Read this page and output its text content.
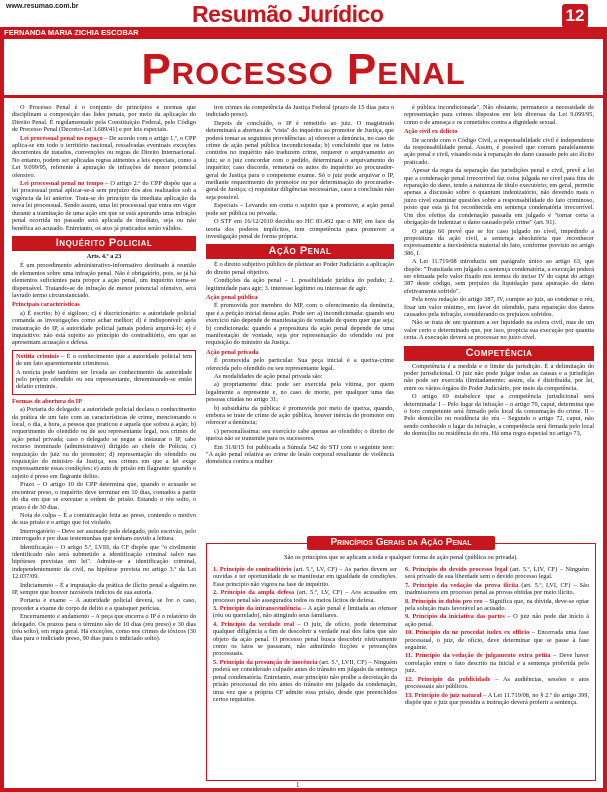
www.resumao.com.br	Resumão Jurídico	12
FERNANDA MARIA ZICHIA ESCOBAR
Processo Penal

O Processo Penal é o conjunto de princípios e normas que disciplinam a composição das lides penais, por meio da aplicação do Direito Penal. É regulamentado pela Constituição Federal, pelo Código de Processo Penal (Decreto-Lei 3.689/41) e por leis especiais.

Lei processual penal no espaço – De acordo com o artigo 1.º, o CPP aplica-se em todo o território nacional, ressalvadas eventuais exceções decorrentes de tratados, convenções ou regras de Direito Internacional. No entanto, podem ser aplicadas regras atinentes a leis especiais, como a Lei 9.099/95, referente à apuração de infrações de menor potencial ofensivo.

Lei processual penal no tempo – O artigo 2.º do CPP dispõe que a lei processual penal aplicar-se-á sem prejuízo dos atos realizados sob a vigência da lei anterior. Trata-se do princípio da imediata aplicação da nova lei processual. Sendo assim, uma lei processual que entra em vigor durante a tramitação de uma ação em que se está apurando uma infração penal ocorrida no passado será aplicada de imediato, seja ou não benéfica ao acusado. Entretanto, os atos já praticados serão válidos.

Inquérito Policial
Arts. 4.º a 23

É um procedimento administrativo-informativo destinado à reunião de elementos sobre uma infração penal. Não é obrigatório, pois, se já há elementos suficientes para propor a ação penal, um inquérito torna-se dispensável. Tratando-se de infração de menor potencial ofensivo, será lavrado termo circunstanciado.

Principais características

a) É escrito; b) é sigiloso; c) é discricionário: a autoridade policial comanda as investigações como achar melhor; d) é indisponível: após instauração do IP, a autoridade policial jamais poderá arquivá-lo; e) é inquisitivo: não está sujeito ao princípio do contraditório, em que se apresentam acusação e defesa.

Notitia criminis – É o conhecimento que a autoridade policial tem de um fato aparentemente criminoso.

A notícia pode também ser levada ao conhecimento da autoridade pelo próprio ofendido ou seu representante, denominando-se então delatio criminis.

Formas de abertura do IP

a) Portaria do delegado: a autoridade policial declara o conhecimento da prática de um fato com as características de crime, mencionando o local, o dia, a hora, a pessoa que praticou e aquela que sofreu a ação; b) requerimento do ofendido ou de seu representante legal, nos crimes de ação penal privada; caso o delegado se negue a instaurar o IP, cabe recurso inominado (administrativo) dirigido ao chefe de Polícia; c) requisição do juiz ou do promotor; d) representação do ofendido ou requisição do ministro da Justiça, nos crimes em que a lei exige expressamente essas condições; e) auto de prisão em flagrante: quando o sujeito é preso em flagrante delito.

Prazo – O artigo 10 do CPP determina que, quando o acusado se encontrar preso, o inquérito deve terminar em 10 dias, contados a partir do dia em que se executar a ordem de prisão. Estando o réu solto, o prazo é de 30 dias.

Nota de culpa – É a comunicação feita ao preso, contendo o motivo de sua prisão e o artigo que foi violado.

Interrogatório – Deve ser assinado pelo delegado, pelo escrivão, pelo interrogado e por duas testemunhas que tenham ouvido a leitura.

Identificação – O artigo 5.º, LVIII, da CF dispõe que "o civilmente identificado não será submetido a identificação criminal salvo nas hipóteses previstas em lei". Admite-se a identificação criminal, independentemente da civil, na hipótese prevista no artigo 3.º da Lei 12.037/09.

Indiciamento – É a imputação da prática de ilícito penal a alguém no IP, sempre que houver razoáveis indícios de sua autoria.

Portaria e exame – A autoridade policial deverá, se for o caso, proceder a exame de corpo de delito e a quaisquer perícias.

Encerramento e andamento – A peça que encerra o IP é o relatório do delegado. Os prazos para o término são de 10 dias (réu preso) e 30 dias (réu solto), em regra geral. Há exceções, como nos crimes de tóxicos (30 dias para o indiciado preso, 90 dias para o indiciado solto).

tros crimes da competência da Justiça Federal (prazo de 15 dias para o indiciado preso).

Depois de concluído, o IP é remetido ao juiz. O magistrado determinará a abertura de "vista" do inquérito ao promotor de Justiça, que poderá tomar as seguintes providências: a) oferecer a denúncia, no caso de crime de ação penal pública incondicionada; b) concluindo que os fatos contidos no inquérito não traduzem crime, requerer o arquivamento ao juiz; se o juiz concordar com o pedido, determinará o arquivamento do inquérito; caso discorde, remeterá os autos do inquérito ao procurador-geral de Justiça para o competente exame. Só o juiz pode arquivar o IP, mediante requerimento do promotor ou por determinação do procurador-geral de Justiça; c) requisitar diligências necessárias, caso a conclusão não seja possível.

Especiais – Levando em conta o sujeito que a promove, a ação penal pode ser pública ou privada.

O STF em 16/12/2010 decidiu no HC 83.492 que o MP, em face da teoria dos poderes implícitos, tem competência para promover a investigação penal de forma própria.

Ação Penal

É o direito subjetivo público de pleitear ao Poder Judiciário a aplicação do direito penal objetivo.

Condições da ação penal – 1. possibilidade jurídica do pedido; 2. legitimidade para agir; 3. interesse legítimo ou interesse de agir.

Ação penal pública

É promovida por membro do MP, com o oferecimento da denúncia, que é a petição inicial dessa ação. Pode ser: a) incondicionada: quando seu exercício não depende de manifestação de vontade de quem quer que seja; b) condicionada: quando a propositura da ação penal depende de uma manifestação de vontade, seja por representação do ofendido ou por requisição do ministro da Justiça.

Ação penal privada

É promovida pelo particular. Sua peça inicial é a queixa-crime oferecida pelo ofendido ou seu representante legal.

As modalidades de ação penal privada são:

a) propriamente dita: pode ser exercida pela vítima, por quem legalmente a represente e, no caso de morte, por qualquer uma das pessoas citadas no artigo 31;

b) subsidiária da pública: é promovida por meio de queixa, quando, embora se trate de crime de ação pública, houver inércia do promotor em oferecer a denúncia;

c) personalíssima: seu exercício cabe apenas ao ofendido; o direito de queixa não se transmite para os sucessores.

Em 31/8/15 foi publicada a Súmula 542 do STJ com o seguinte teor: "A ação penal relativa ao crime de lesão corporal resultante de violência doméstica contra a mulher

é pública incondicionada". Não obstante, permanece a necessidade de representação para crimes dispostos em leis diversas da Lei 9.099/95, como o de ameaça e os cometidos contra a dignidade sexual.

Ação civil ex delicto

De acordo com o Código Civil, a responsabilidade civil é independente da responsabilidade penal. Assim, é possível que corram paralelamente ação penal e civil, visando esta à reparação do dano causado pelo ato ilícito praticado.

Apesar da regra da separação das jurisdições penal e civil, prevê a lei que a condenação penal irrecorrível faz coisa julgada no cível para fins de reparação do dano, tendo a natureza de título executório; em geral, permite apenas a discussão sobre o quantum indenizatório, não devendo mais o juízo cível examinar questões sobre a responsabilidade do fato criminoso, posto que esta já foi reconhecida em sentença condenatória irrecorrível. Um dos efeitos da condenação passada em julgado é "tornar certa a obrigação de indenizar o dano causado pelo crime" (art. 91).

O artigo 66 prevê que se for caso julgado no cível, impedindo a propositura da ação civil, a sentença absolutória que reconhecer expressamente a inexistência material do fato, conforme previsto no artigo 386, I.

A Lei 11.719/08 introduziu um parágrafo único ao artigo 63, que dispõe: "Transitada em julgado a sentença condenatória, a execução poderá ser efetuada pelo valor fixado nos termos do inciso IV do caput do artigo 387 deste código, sem prejuízo da liquidação para apuração do dano efetivamente sofrido".

Pela nova redação do artigo 387, IV, cumpre ao juiz, ao condenar o réu, fixar um valor mínimo, em favor do ofendido, para reparação dos danos causados pela infração, considerando os prejuízos sofridos.

Não se trata de um quantum a ser liquidado na esfera civil, mas de um valor certo e determinado que, por isso, propicia sua execução por quantia certa. A execução deverá se processar no juízo cível.

Competência

Competência é a medida e o limite da jurisdição. É a delimitação do poder jurisdicional. O juiz não pode julgar todas as causas e a jurisdição não pode ser exercida ilimitadamente; assim, ela é distribuída, por lei, entre os vários órgãos do Poder Judiciário, por meio da competência.

O artigo 69 estabelece que a competência jurisdicional será determinada: I – Pelo lugar da infração – o artigo 70, caput, determina que o foro competente será firmado pelo local da consumação do crime. II – Pelo domicílio ou residência do réu – Segundo o artigo 72, caput, não sendo conhecido o lugar da infração, a competência será firmada pelo local do domicílio ou residência do réu. Há uma regra especial no artigo 73,

Princípios Gerais da Ação Penal
São os princípios que se aplicam a toda e qualquer forma de ação penal (pública ou privada).

1. Princípio do contraditório (art. 5.º, LV, CF) – As partes devem ser ouvidas e ter oportunidade de se manifestar em igualdade de condições. Esse princípio não vigora na fase de inquérito.

2. Princípio da ampla defesa (art. 5.º, LV, CF) – Aos acusados em processo penal são assegurados todos os meios lícitos de defesa.

3. Princípio da intranscendência – A ação penal é limitada ao ofensor (réu ou querelado), não atingindo seus familiares.

4. Princípio da verdade real – O juiz, de ofício, pode determinar qualquer diligência a fim de descobrir a verdade real dos fatos que são objeto da ação penal. O processo penal busca descobrir efetivamente como os fatos se passaram, não admitindo ficções e presunções processuais.

5. Princípio da presunção de inocência (art. 5.º, LVII, CF) – Ninguém poderá ser considerado culpado antes do trânsito em julgado da sentença penal condenatória. Entretanto, esse princípio não proíbe a decretação da prisão processual do réu antes do trânsito em julgado da condenação, uma vez que a própria CF admite essa prisão, desde que preenchidos certos requisitos.

6. Princípio do devido processo legal (art. 5.º, LIV, CF) – Ninguém será privado de sua liberdade sem o devido processo legal.

7. Princípio da vedação da prova ilícita (art. 5.º, LVI, CF) – São inadmissíveis em processo penal as provas obtidas por meio ilícito.

8. Princípio in dubio pro reo – Significa que, na dúvida, deve-se optar pela solução mais favorável ao acusado.

9. Princípio da iniciativa das partes – O juiz não pode dar início à ação penal.

10. Princípio do ne procedat iudex ex officio – Encerrada uma fase processual, o juiz, de ofício, deve determinar que se passe à fase seguinte.

11. Princípio da vedação de julgamento extra petita – Deve haver correlação entre o fato descrito na inicial e a sentença proferida pelo juiz.

12. Princípio da publicidade – As audiências, sessões e atos processuais são públicos.

13. Princípio do juiz natural – A Lei 11.719/08, no § 2.º do artigo 399, dispõe que o juiz que presidiu a instrução deverá proferir a sentença.

1
